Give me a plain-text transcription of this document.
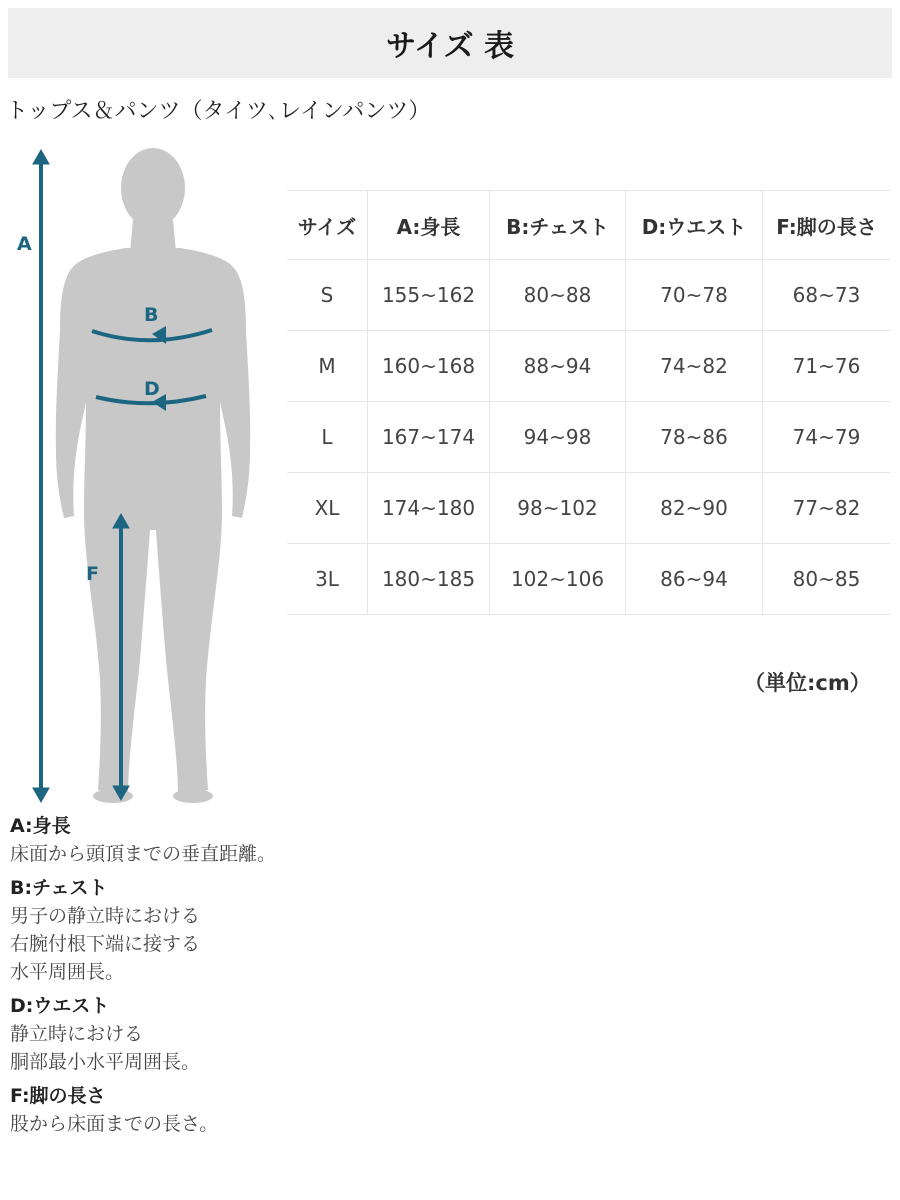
サイズ 表
トップス＆パンツ（タイツ､レインパンツ）
A
B
D
F
サイズ	A:身長	B:チェスト	D:ウエスト	F:脚の長さ
S	155~162	80~88	70~78	68~73
M	160~168	88~94	74~82	71~76
L	167~174	94~98	78~86	74~79
XL	174~180	98~102	82~90	77~82
3L	180~185	102~106	86~94	80~85
（単位:cm）
A:身長
床面から頭頂までの垂直距離。
B:チェスト
男子の静立時における
右腕付根下端に接する
水平周囲長。
D:ウエスト
静立時における
胴部最小水平周囲長。
F:脚の長さ
股から床面までの長さ。
